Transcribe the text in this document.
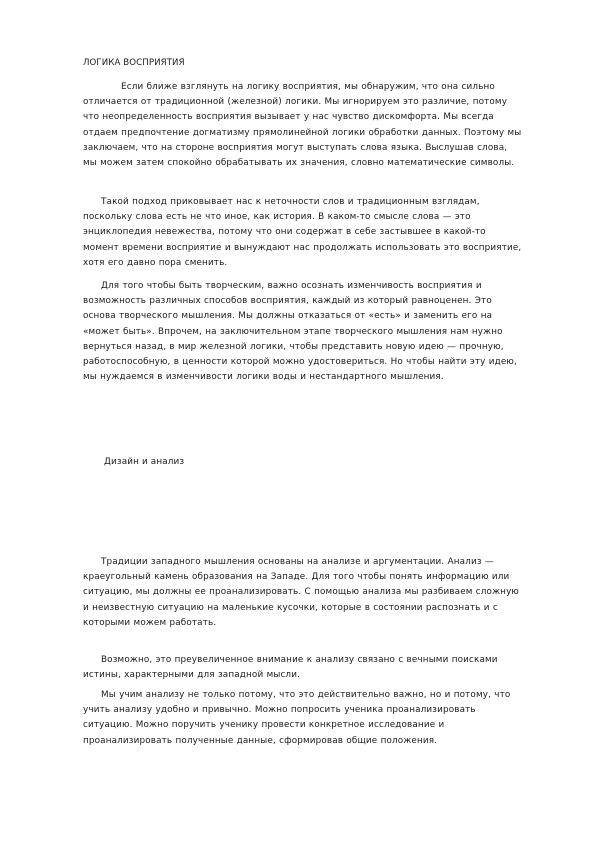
ЛОГИКА ВОСПРИЯТИЯ

Если ближе взглянуть на логику восприятия, мы обнаружим, что она сильно отличается от традиционной (железной) логики. Мы игнорируем это различие, потому что неопределенность восприятия вызывает у нас чувство дискомфорта. Мы всегда отдаем предпочтение догматизму прямолинейной логики обработки данных. Поэтому мы заключаем, что на стороне восприятия могут выступать слова языка. Выслушав слова, мы можем затем спокойно обрабатывать их значения, словно математические символы.

Такой подход приковывает нас к неточности слов и традиционным взглядам, поскольку слова есть не что иное, как история. В каком-то смысле слова — это энциклопедия невежества, потому что они содержат в себе застывшее в какой-то момент времени восприятие и вынуждают нас продолжать использовать это восприятие, хотя его давно пора сменить.

Для того чтобы быть творческим, важно осознать изменчивость восприятия и возможность различных способов восприятия, каждый из который равноценен. Это основа творческого мышления. Мы должны отказаться от «есть» и заменить его на «может быть». Впрочем, на заключительном этапе творческого мышления нам нужно вернуться назад, в мир железной логики, чтобы представить новую идею — прочную, работоспособную, в ценности которой можно удостовериться. Но чтобы найти эту идею, мы нуждаемся в изменчивости логики воды и нестандартного мышления.

Дизайн и анализ

Традиции западного мышления основаны на анализе и аргументации. Анализ — краеугольный камень образования на Западе. Для того чтобы понять информацию или ситуацию, мы должны ее проанализировать. С помощью анализа мы разбиваем сложную и неизвестную ситуацию на маленькие кусочки, которые в состоянии распознать и с которыми можем работать.

Возможно, это преувеличенное внимание к анализу связано с вечными поисками истины, характерными для западной мысли.

Мы учим анализу не только потому, что это действительно важно, но и потому, что учить анализу удобно и привычно. Можно попросить ученика проанализировать ситуацию. Можно поручить ученику провести конкретное исследование и проанализировать полученные данные, сформировав общие положения.
